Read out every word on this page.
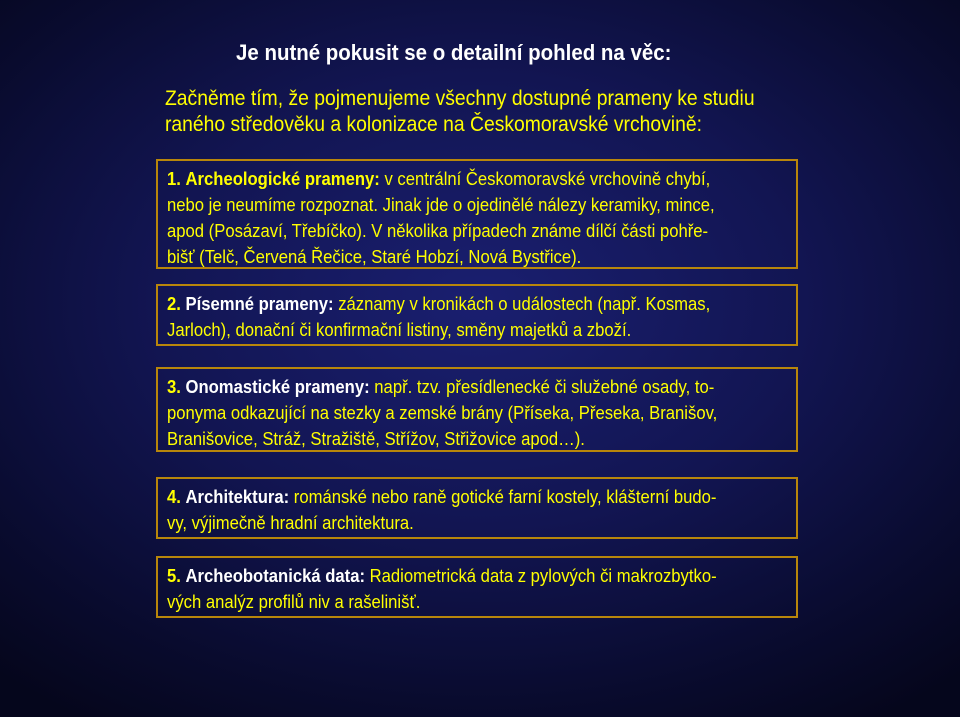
Je nutné pokusit se o detailní pohled na věc:
Začněme tím, že pojmenujeme všechny dostupné prameny ke studiu
raného středověku a kolonizace na Českomoravské vrchovině:
1. Archeologické prameny: v centrální Českomoravské vrchovině chybí,
nebo je neumíme rozpoznat. Jinak jde o ojedinělé nálezy keramiky, mince,
apod (Posázaví, Třebíčko). V několika případech známe dílčí části pohře-
bišť (Telč, Červená Řečice, Staré Hobzí, Nová Bystřice).
2. Písemné prameny: záznamy v kronikách o událostech (např. Kosmas,
Jarloch), donační či konfirmační listiny, směny majetků a zboží.
3. Onomastické prameny: např. tzv. přesídlenecké či služebné osady, to-
ponyma odkazující na stezky a zemské brány (Příseka, Přeseka, Branišov,
Branišovice, Stráž, Stražiště, Střížov, Střižovice apod…).
4. Architektura: románské nebo raně gotické farní kostely, klášterní budo-
vy, výjimečně hradní architektura.
5. Archeobotanická data: Radiometrická data z pylových či makrozbytko-
vých analýz profilů niv a rašelinišť.
